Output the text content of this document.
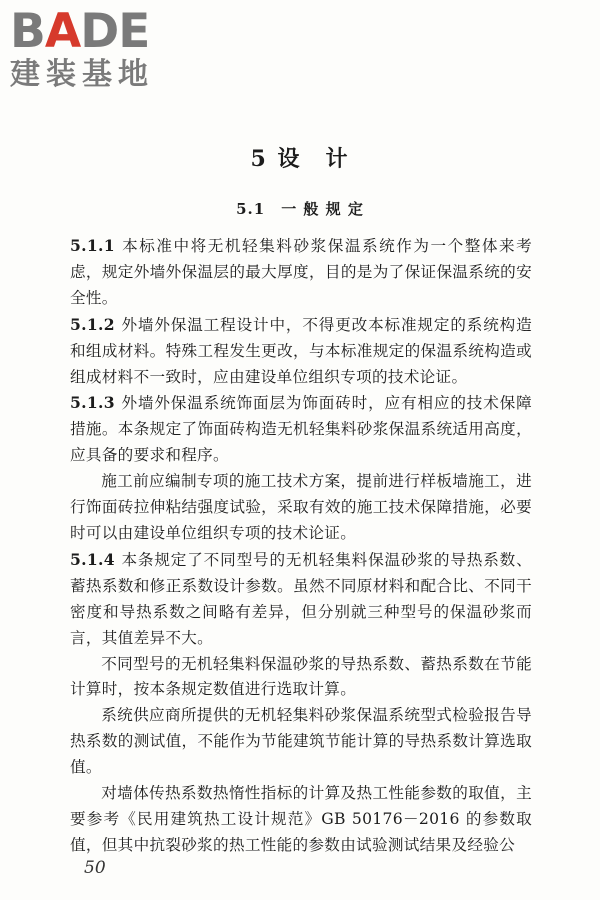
BADE
建装基地
5 设　计
5.1　一 般 规 定

5.1.1 本标准中将无机轻集料砂浆保温系统作为一个整体来考虑，规定外墙外保温层的最大厚度，目的是为了保证保温系统的安全性。

5.1.2 外墙外保温工程设计中，不得更改本标准规定的系统构造和组成材料。特殊工程发生更改，与本标准规定的保温系统构造或组成材料不一致时，应由建设单位组织专项的技术论证。

5.1.3 外墙外保温系统饰面层为饰面砖时，应有相应的技术保障措施。本条规定了饰面砖构造无机轻集料砂浆保温系统适用高度，应具备的要求和程序。

施工前应编制专项的施工技术方案，提前进行样板墙施工，进行饰面砖拉伸粘结强度试验，采取有效的施工技术保障措施，必要时可以由建设单位组织专项的技术论证。

5.1.4 本条规定了不同型号的无机轻集料保温砂浆的导热系数、蓄热系数和修正系数设计参数。虽然不同原材料和配合比、不同干密度和导热系数之间略有差异，但分别就三种型号的保温砂浆而言，其值差异不大。

不同型号的无机轻集料保温砂浆的导热系数、蓄热系数在节能计算时，按本条规定数值进行选取计算。

系统供应商所提供的无机轻集料砂浆保温系统型式检验报告导热系数的测试值，不能作为节能建筑节能计算的导热系数计算选取值。

对墙体传热系数热惰性指标的计算及热工性能参数的取值，主要参考《民用建筑热工设计规范》GB 50176－2016 的参数取值，但其中抗裂砂浆的热工性能的参数由试验测试结果及经验公

50
